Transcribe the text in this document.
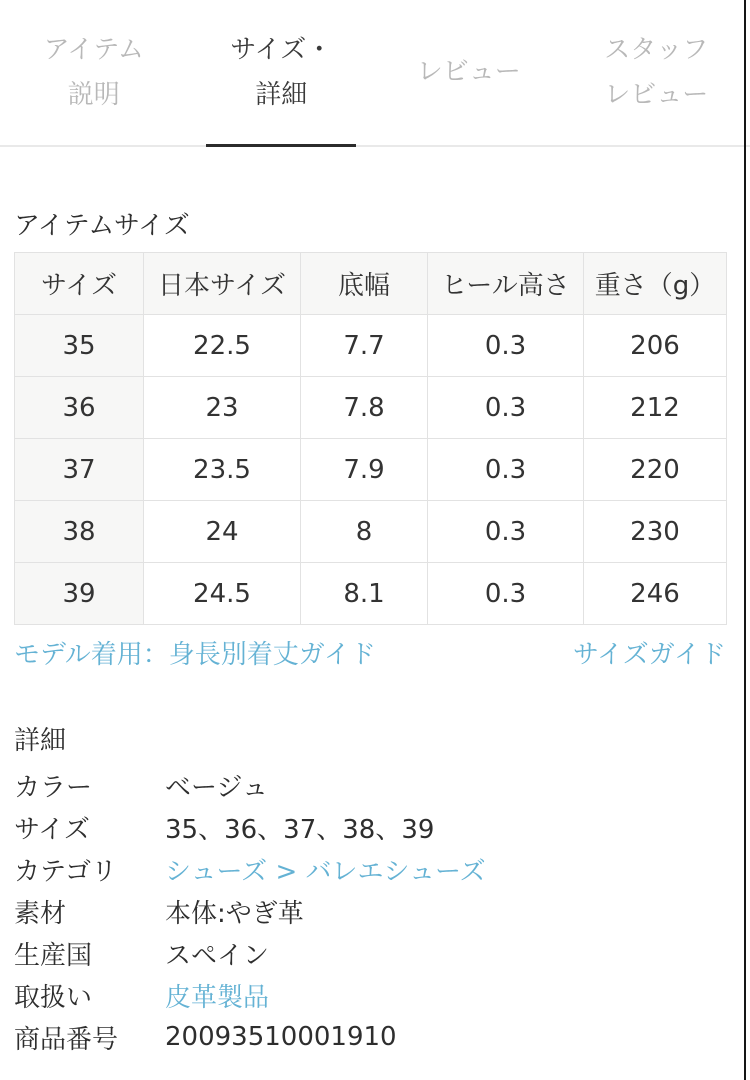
アイテム
説明
サイズ・
詳細
レビュー
スタッフ
レビュー
アイテムサイズ
サイズ	日本サイズ	底幅	ヒール高さ	重さ（g）
35	22.5	7.7	0.3	206
36	23	7.8	0.3	212
37	23.5	7.9	0.3	220
38	24	8	0.3	230
39	24.5	8.1	0.3	246
モデル着用：身長別着丈ガイド	サイズガイド
詳細
カラー	ベージュ
サイズ	35、36、37、38、39
カテゴリ	シューズ > バレエシューズ
素材	本体:やぎ革
生産国	スペイン
取扱い	皮革製品
商品番号	20093510001910
